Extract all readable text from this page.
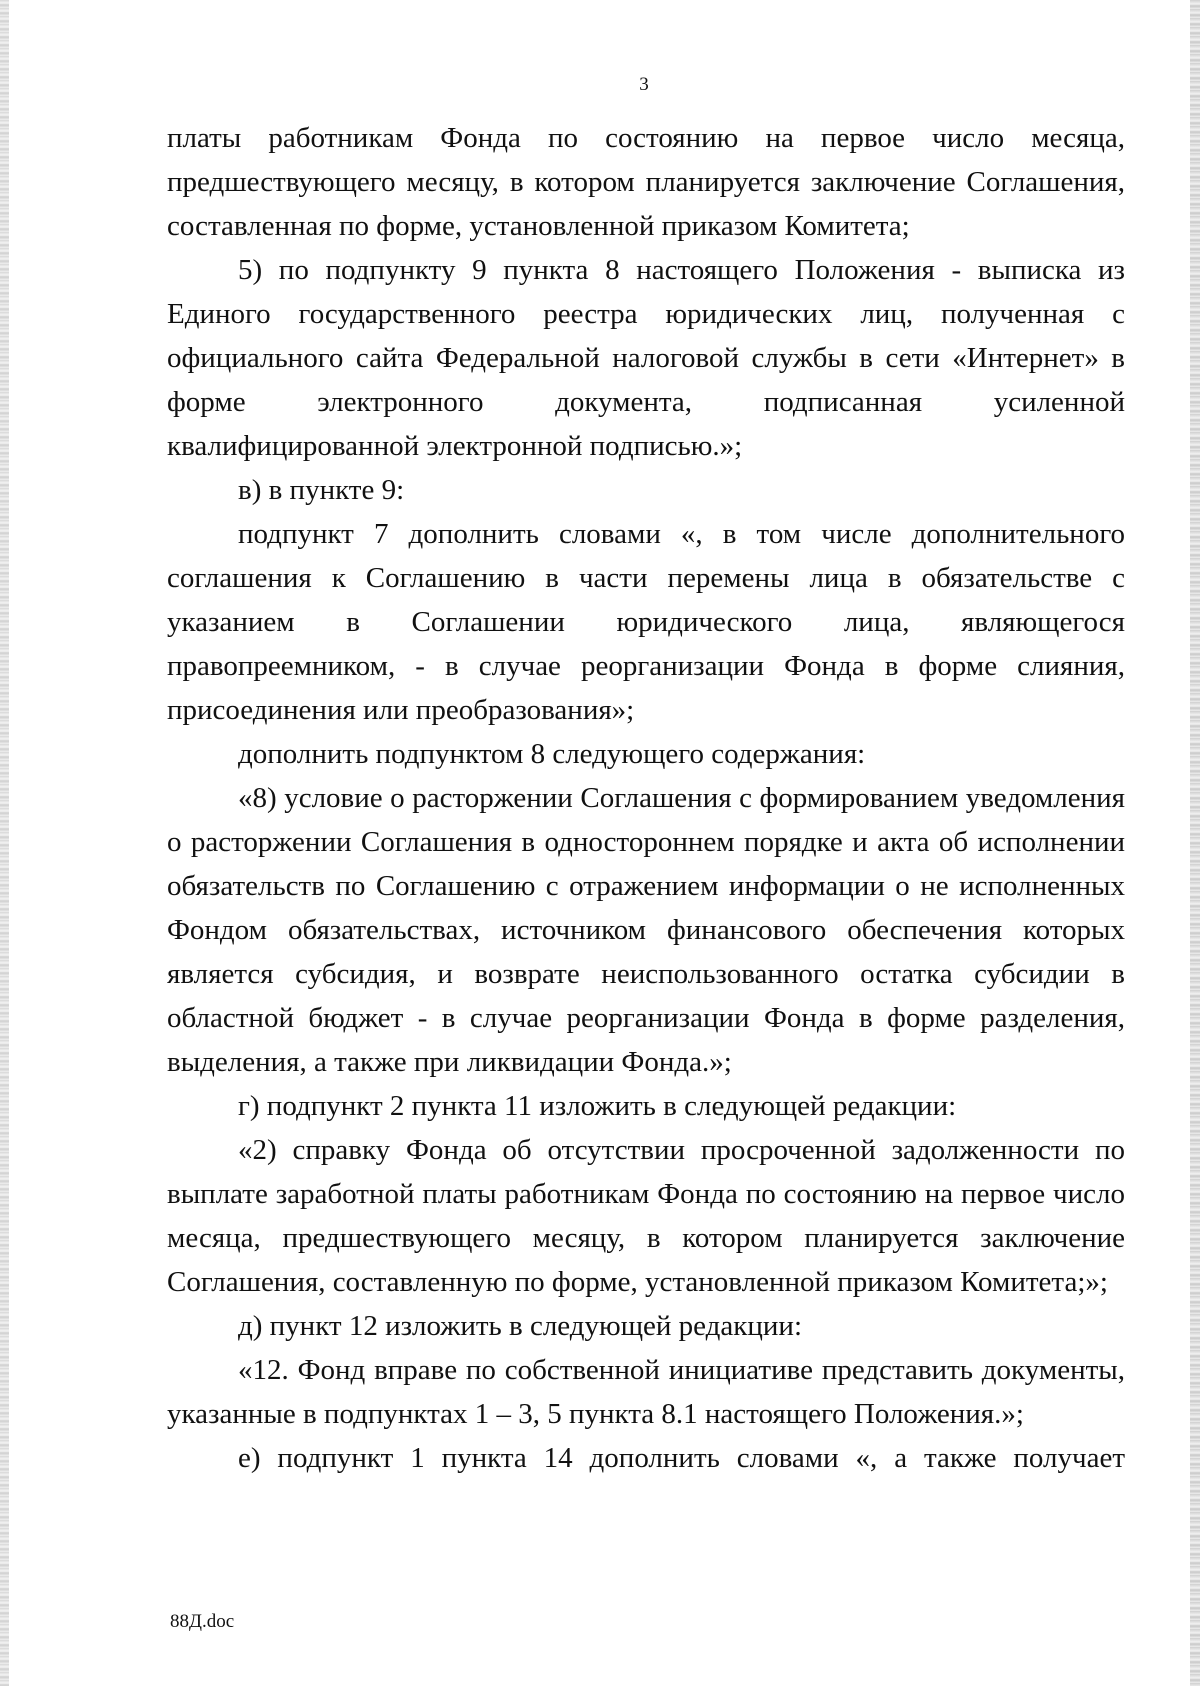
3

платы работникам Фонда по состоянию на первое число месяца, предшествующего месяцу, в котором планируется заключение Соглашения, составленная по форме, установленной приказом Комитета;

5) по подпункту 9 пункта 8 настоящего Положения - выписка из Единого государственного реестра юридических лиц, полученная с официального сайта Федеральной налоговой службы в сети «Интернет» в форме электронного документа, подписанная усиленной квалифицированной электронной подписью.»;

в) в пункте 9:

подпункт 7 дополнить словами «, в том числе дополнительного соглашения к Соглашению в части перемены лица в обязательстве с указанием в Соглашении юридического лица, являющегося правопреемником, - в случае реорганизации Фонда в форме слияния, присоединения или преобразования»;

дополнить подпунктом 8 следующего содержания:

«8) условие о расторжении Соглашения с формированием уведомления о расторжении Соглашения в одностороннем порядке и акта об исполнении обязательств по Соглашению с отражением информации о не исполненных Фондом обязательствах, источником финансового обеспечения которых является субсидия, и возврате неиспользованного остатка субсидии в областной бюджет - в случае реорганизации Фонда в форме разделения, выделения, а также при ликвидации Фонда.»;

г) подпункт 2 пункта 11 изложить в следующей редакции:

«2) справку Фонда об отсутствии просроченной задолженности по выплате заработной платы работникам Фонда по состоянию на первое число месяца, предшествующего месяцу, в котором планируется заключение Соглашения, составленную по форме, установленной приказом Комитета;»;

д) пункт 12 изложить в следующей редакции:

«12. Фонд вправе по собственной инициативе представить документы, указанные в подпунктах 1 – 3, 5 пункта 8.1 настоящего Положения.»;

е) подпункт 1 пункта 14 дополнить словами «, а также получает

88Д.doc
